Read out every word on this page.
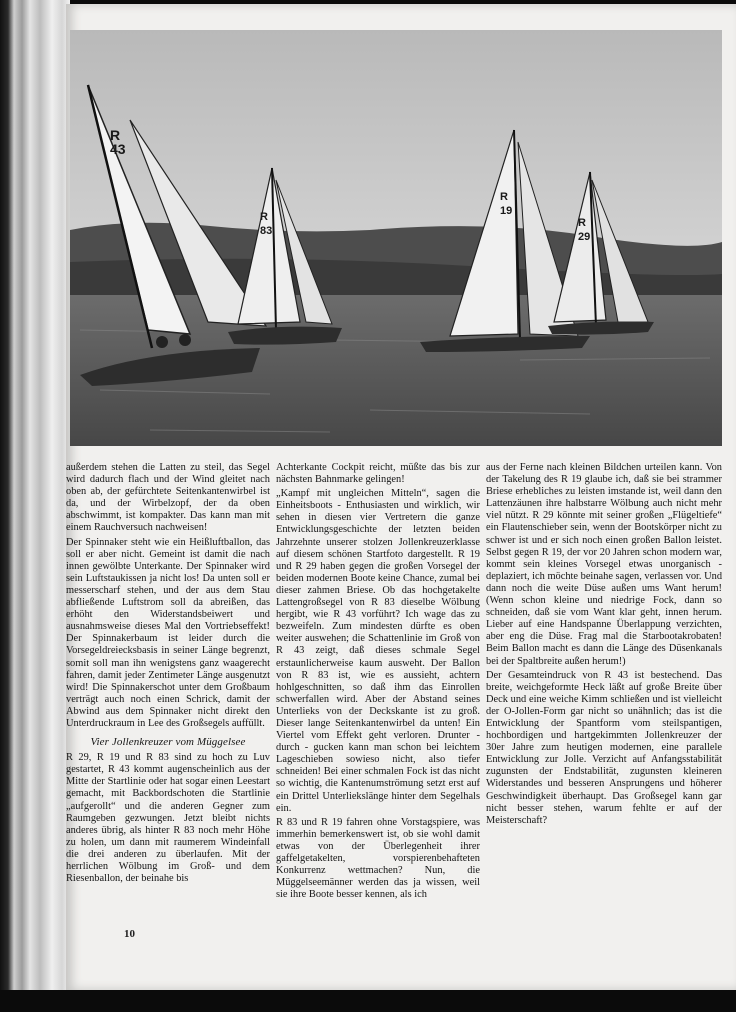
R
43
R
83
R
19
R
29

außerdem stehen die Latten zu steil, das Segel wird dadurch flach und der Wind gleitet nach oben ab, der gefürchtete Seitenkantenwirbel ist da, und der Wirbelzopf, der da oben abschwimmt, ist kompakter. Das kann man mit einem Rauchversuch nachweisen!

Der Spinnaker steht wie ein Heißluftballon, das soll er aber nicht. Gemeint ist damit die nach innen gewölbte Unterkante. Der Spinnaker wird sein Luftstaukissen ja nicht los! Da unten soll er messerscharf stehen, und der aus dem Stau abfließende Luftstrom soll da abreißen, das erhöht den Widerstandsbeiwert und ausnahmsweise dieses Mal den Vortriebseffekt! Der Spinnakerbaum ist leider durch die Vorsegeldreiecksbasis in seiner Länge begrenzt, somit soll man ihn wenigstens ganz waagerecht fahren, damit jeder Zentimeter Länge ausgenutzt wird! Die Spinnakerschot unter dem Großbaum verträgt auch noch einen Schrick, damit der Abwind aus dem Spinnaker nicht direkt den Unterdruckraum in Lee des Großsegels auffüllt.

Vier Jollenkreuzer vom Müggelsee

R 29, R 19 und R 83 sind zu hoch zu Luv gestartet, R 43 kommt augenscheinlich aus der Mitte der Startlinie oder hat sogar einen Leestart gemacht, mit Backbordschoten die Startlinie „aufgerollt“ und die anderen Gegner zum Raumgeben gezwungen. Jetzt bleibt nichts anderes übrig, als hinter R 83 noch mehr Höhe zu holen, um dann mit raumerem Windeinfall die drei anderen zu überlaufen. Mit der herrlichen Wölbung im Groß- und dem Riesenballon, der beinahe bis

Achterkante Cockpit reicht, müßte das bis zur nächsten Bahnmarke gelingen!

„Kampf mit ungleichen Mitteln“, sagen die Einheitsboots - Enthusiasten und wirklich, wir sehen in diesen vier Vertretern die ganze Entwicklungsgeschichte der letzten beiden Jahrzehnte unserer stolzen Jollenkreuzerklasse auf diesem schönen Startfoto dargestellt. R 19 und R 29 haben gegen die großen Vorsegel der beiden modernen Boote keine Chance, zumal bei dieser zahmen Briese. Ob das hochgetakelte Lattengroßsegel von R 83 dieselbe Wölbung hergibt, wie R 43 vorführt? Ich wage das zu bezweifeln. Zum mindesten dürfte es oben weiter auswehen; die Schattenlinie im Groß von R 43 zeigt, daß dieses schmale Segel erstaunlicherweise kaum ausweht. Der Ballon von R 83 ist, wie es aussieht, achtern hohlgeschnitten, so daß ihm das Einrollen schwerfallen wird. Aber der Abstand seines Unterlieks von der Deckskante ist zu groß. Dieser lange Seitenkantenwirbel da unten! Ein Viertel vom Effekt geht verloren. Drunter - durch - gucken kann man schon bei leichtem Lageschieben sowieso nicht, also tiefer schneiden! Bei einer schmalen Fock ist das nicht so wichtig, die Kantenumströmung setzt erst auf ein Drittel Unterliekslänge hinter dem Segelhals ein.

R 83 und R 19 fahren ohne Vorstagspiere, was immerhin bemerkenswert ist, ob sie wohl damit etwas von der Überlegenheit ihrer gaffelgetakelten, vorspierenbehafteten Konkurrenz wettmachen? Nun, die Müggelseemänner werden das ja wissen, weil sie ihre Boote besser kennen, als ich

aus der Ferne nach kleinen Bildchen urteilen kann. Von der Takelung des R 19 glaube ich, daß sie bei strammer Briese erhebliches zu leisten imstande ist, weil dann den Lattenzäunen ihre halbstarre Wölbung auch nicht mehr viel nützt. R 29 könnte mit seiner großen „Flügeltiefe“ ein Flautenschieber sein, wenn der Bootskörper nicht zu schwer ist und er sich noch einen großen Ballon leistet. Selbst gegen R 19, der vor 20 Jahren schon modern war, kommt sein kleines Vorsegel etwas unorganisch - deplaziert, ich möchte beinahe sagen, verlassen vor. Und dann noch die weite Düse außen ums Want herum! (Wenn schon kleine und niedrige Fock, dann so schneiden, daß sie vom Want klar geht, innen herum. Lieber auf eine Handspanne Überlappung verzichten, aber eng die Düse. Frag mal die Starbootakrobaten! Beim Ballon macht es dann die Länge des Düsenkanals bei der Spaltbreite außen herum!)

Der Gesamteindruck von R 43 ist bestechend. Das breite, weichgeformte Heck läßt auf große Breite über Deck und eine weiche Kimm schließen und ist vielleicht der O-Jollen-Form gar nicht so unähnlich; das ist die Entwicklung der Spantform vom steilspantigen, hochbordigen und hartgekimmten Jollenkreuzer der 30er Jahre zum heutigen modernen, eine parallele Entwicklung zur Jolle. Verzicht auf Anfangsstabilität zugunsten der Endstabilität, zugunsten kleineren Widerstandes und besseren Ansprungens und höherer Geschwindigkeit überhaupt. Das Großsegel kann gar nicht besser stehen, warum fehlte er auf der Meisterschaft?

10
